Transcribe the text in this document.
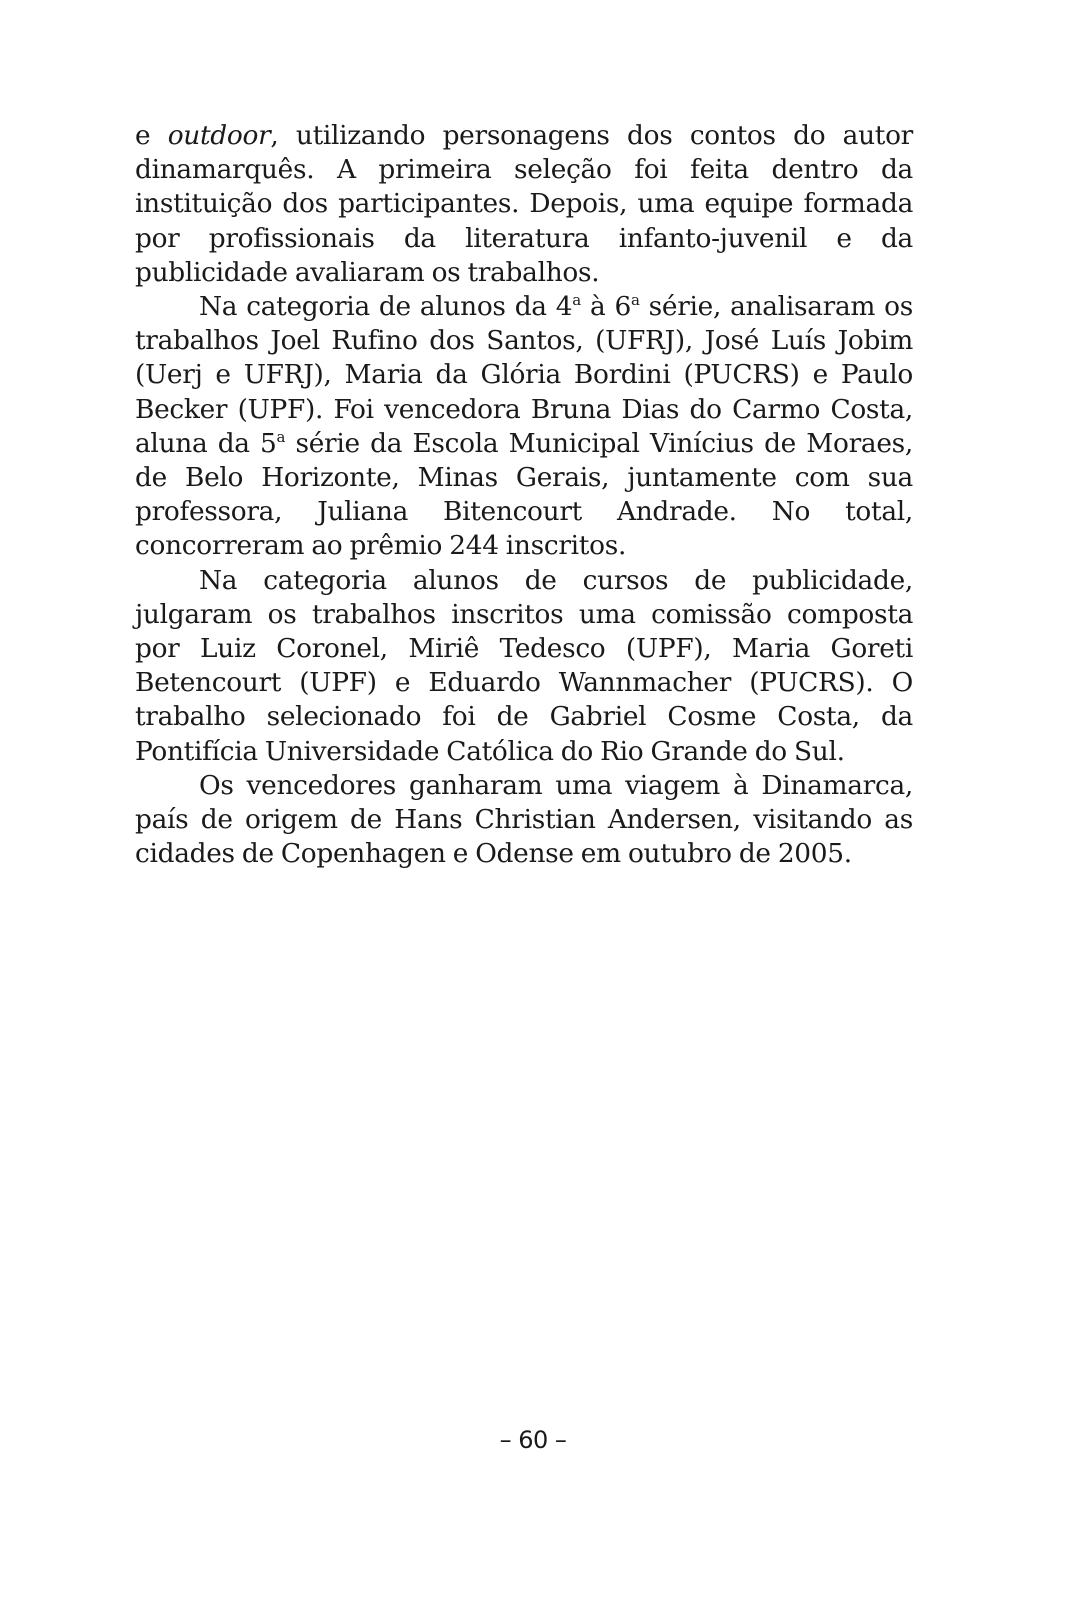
e outdoor, utilizando personagens dos contos do autor dinamarquês. A primeira seleção foi feita dentro da instituição dos participantes. Depois, uma equipe formada por profissionais da literatura infanto-juvenil e da publicidade avaliaram os trabalhos.

Na categoria de alunos da 4$^a$ à 6$^a$ série, analisaram os trabalhos Joel Rufino dos Santos, (UFRJ), José Luís Jobim (Uerj e UFRJ), Maria da Glória Bordini (PUCRS) e Paulo Becker (UPF). Foi vencedora Bruna Dias do Carmo Costa, aluna da 5$^a$ série da Escola Municipal Vinícius de Moraes, de Belo Horizonte, Minas Gerais, juntamente com sua professora, Juliana Bitencourt Andrade. No total, concorreram ao prêmio 244 inscritos.

Na categoria alunos de cursos de publicidade, julgaram os trabalhos inscritos uma comissão composta por Luiz Coronel, Miriê Tedesco (UPF), Maria Goreti Betencourt (UPF) e Eduardo Wannmacher (PUCRS). O trabalho selecionado foi de Gabriel Cosme Costa, da Pontifícia Universidade Católica do Rio Grande do Sul.

Os vencedores ganharam uma viagem à Dinamarca, país de origem de Hans Christian Andersen, visitando as cidades de Copenhagen e Odense em outubro de 2005.

– 60 –
